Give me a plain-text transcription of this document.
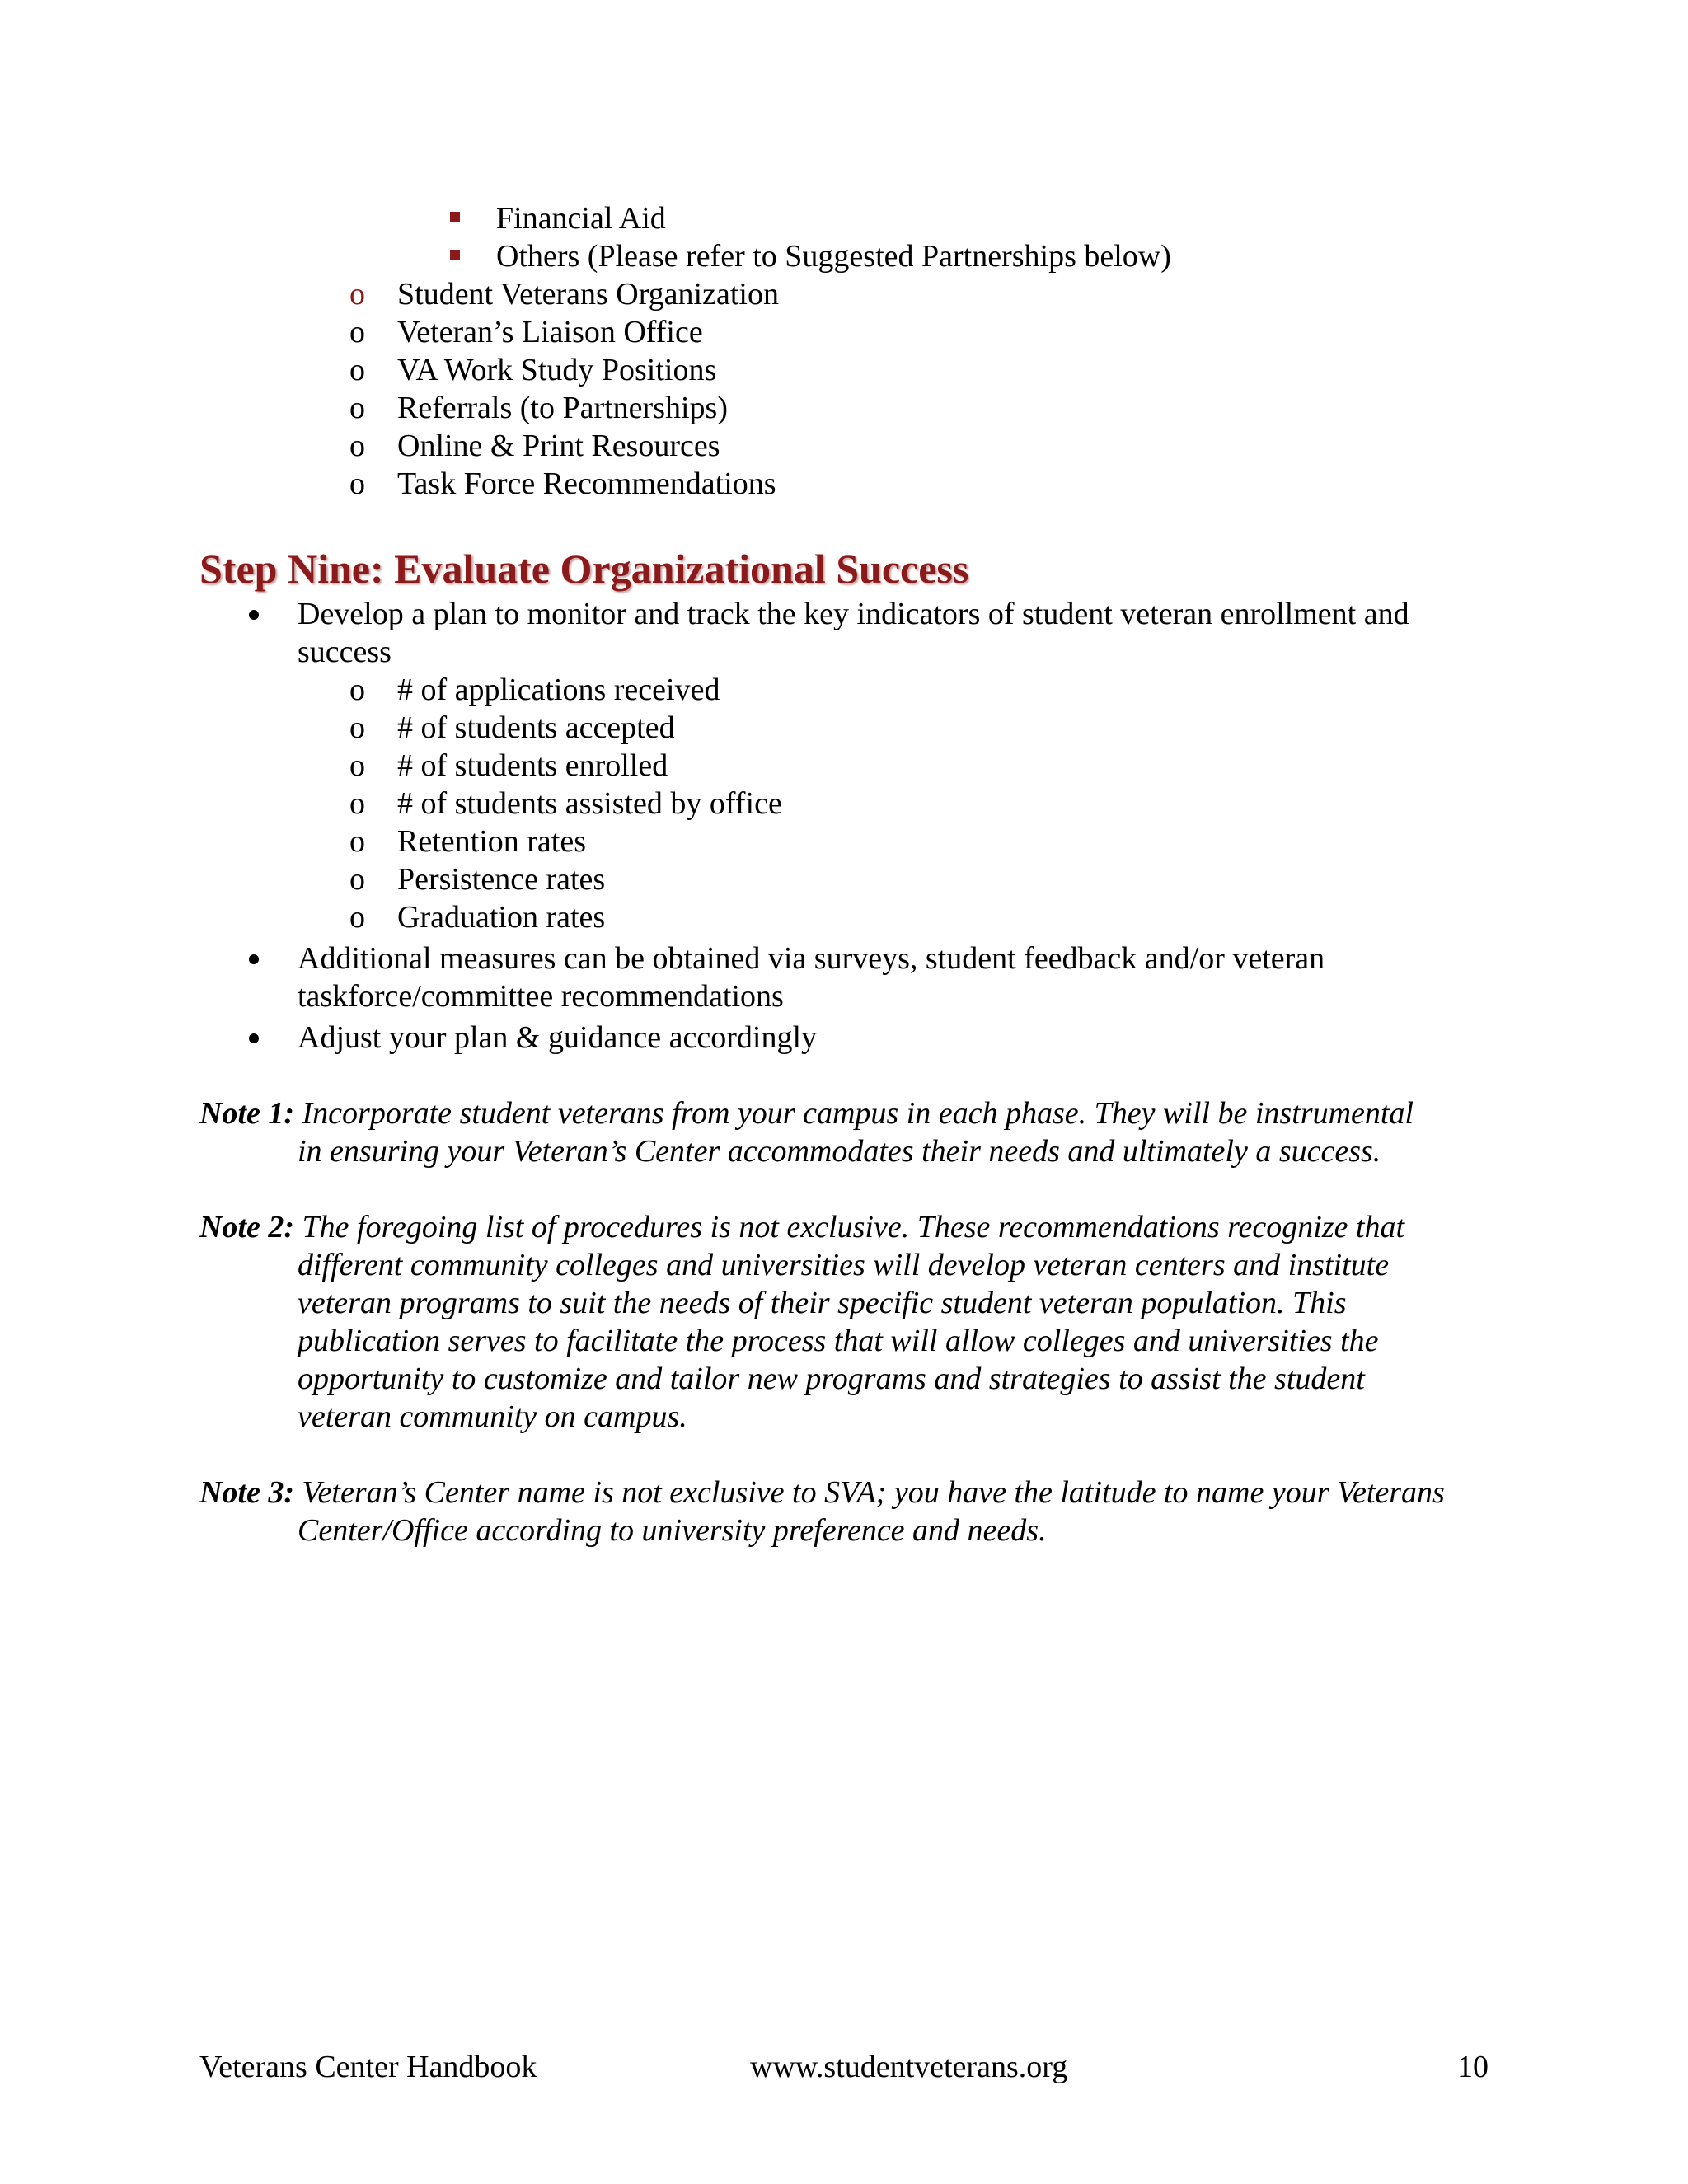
Financial Aid
Others (Please refer to Suggested Partnerships below)
o Student Veterans Organization
o Veteran’s Liaison Office
o VA Work Study Positions
o Referrals (to Partnerships)
o Online & Print Resources
o Task Force Recommendations
Step Nine: Evaluate Organizational Success
Develop a plan to monitor and track the key indicators of student veteran enrollment and
success
o # of applications received
o # of students accepted
o # of students enrolled
o # of students assisted by office
o Retention rates
o Persistence rates
o Graduation rates
Additional measures can be obtained via surveys, student feedback and/or veteran
taskforce/committee recommendations
Adjust your plan & guidance accordingly
Note 1: Incorporate student veterans from your campus in each phase. They will be instrumental
in ensuring your Veteran’s Center accommodates their needs and ultimately a success.
Note 2: The foregoing list of procedures is not exclusive. These recommendations recognize that
different community colleges and universities will develop veteran centers and institute
veteran programs to suit the needs of their specific student veteran population. This
publication serves to facilitate the process that will allow colleges and universities the
opportunity to customize and tailor new programs and strategies to assist the student
veteran community on campus.
Note 3: Veteran’s Center name is not exclusive to SVA; you have the latitude to name your Veterans
Center/Office according to university preference and needs.
Veterans Center Handbook	www.studentveterans.org	10
